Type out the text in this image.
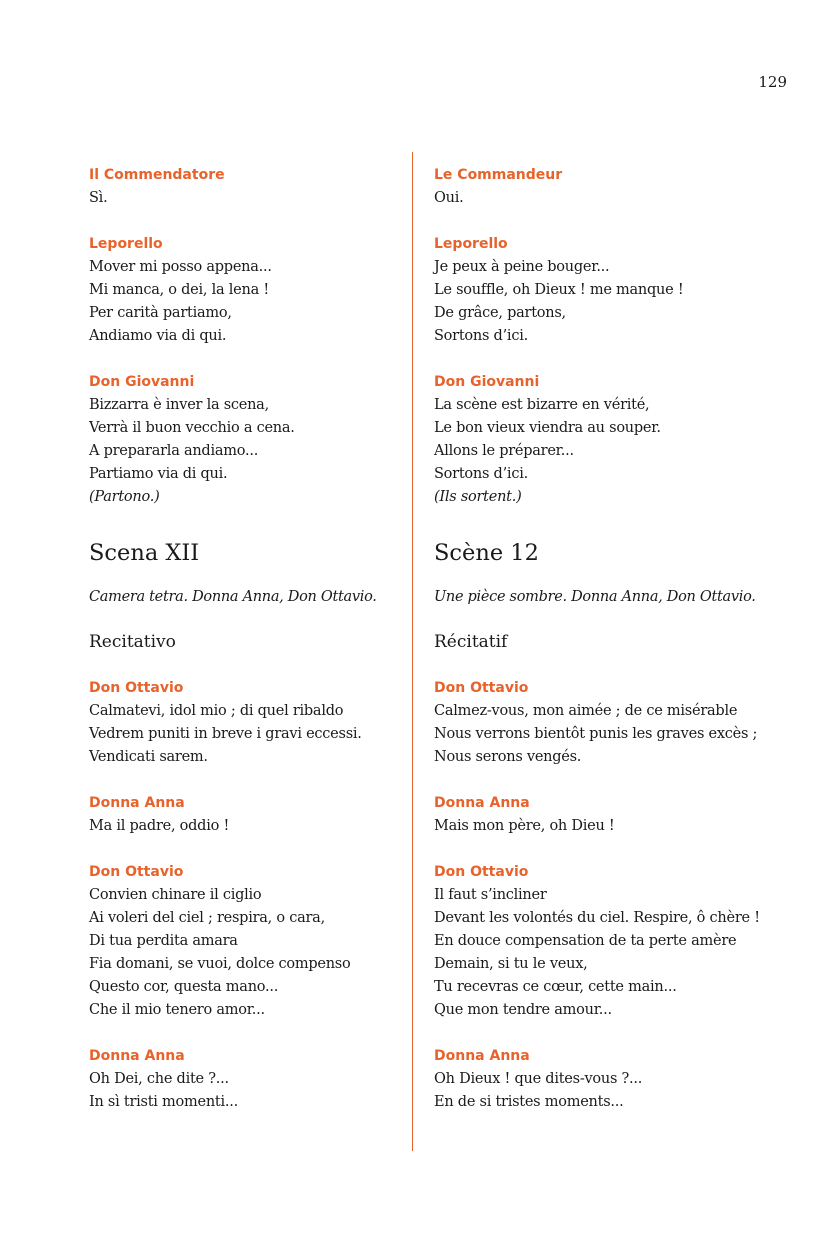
129
Il Commendatore
Sì.
Leporello
Mover mi posso appena...
Mi manca, o dei, la lena !
Per carità partiamo,
Andiamo via di qui.
Don Giovanni
Bizzarra è inver la scena,
Verrà il buon vecchio a cena.
A prepararla andiamo...
Partiamo via di qui.
(Partono.)
Scena XII
Camera tetra. Donna Anna, Don Ottavio.
Recitativo
Don Ottavio
Calmatevi, idol mio ; di quel ribaldo
Vedrem puniti in breve i gravi eccessi.
Vendicati sarem.
Donna Anna
Ma il padre, oddio !
Don Ottavio
Convien chinare il ciglio
Ai voleri del ciel ; respira, o cara,
Di tua perdita amara
Fia domani, se vuoi, dolce compenso
Questo cor, questa mano...
Che il mio tenero amor...
Donna Anna
Oh Dei, che dite ?...
In sì tristi momenti...
Le Commandeur
Oui.
Leporello
Je peux à peine bouger...
Le souffle, oh Dieux ! me manque !
De grâce, partons,
Sortons d’ici.
Don Giovanni
La scène est bizarre en vérité,
Le bon vieux viendra au souper.
Allons le préparer...
Sortons d’ici.
(Ils sortent.)
Scène 12
Une pièce sombre. Donna Anna, Don Ottavio.
Récitatif
Don Ottavio
Calmez-vous, mon aimée ; de ce misérable
Nous verrons bientôt punis les graves excès ;
Nous serons vengés.
Donna Anna
Mais mon père, oh Dieu !
Don Ottavio
Il faut s’incliner
Devant les volontés du ciel. Respire, ô chère !
En douce compensation de ta perte amère
Demain, si tu le veux,
Tu recevras ce cœur, cette main...
Que mon tendre amour...
Donna Anna
Oh Dieux ! que dites-vous ?...
En de si tristes moments...
